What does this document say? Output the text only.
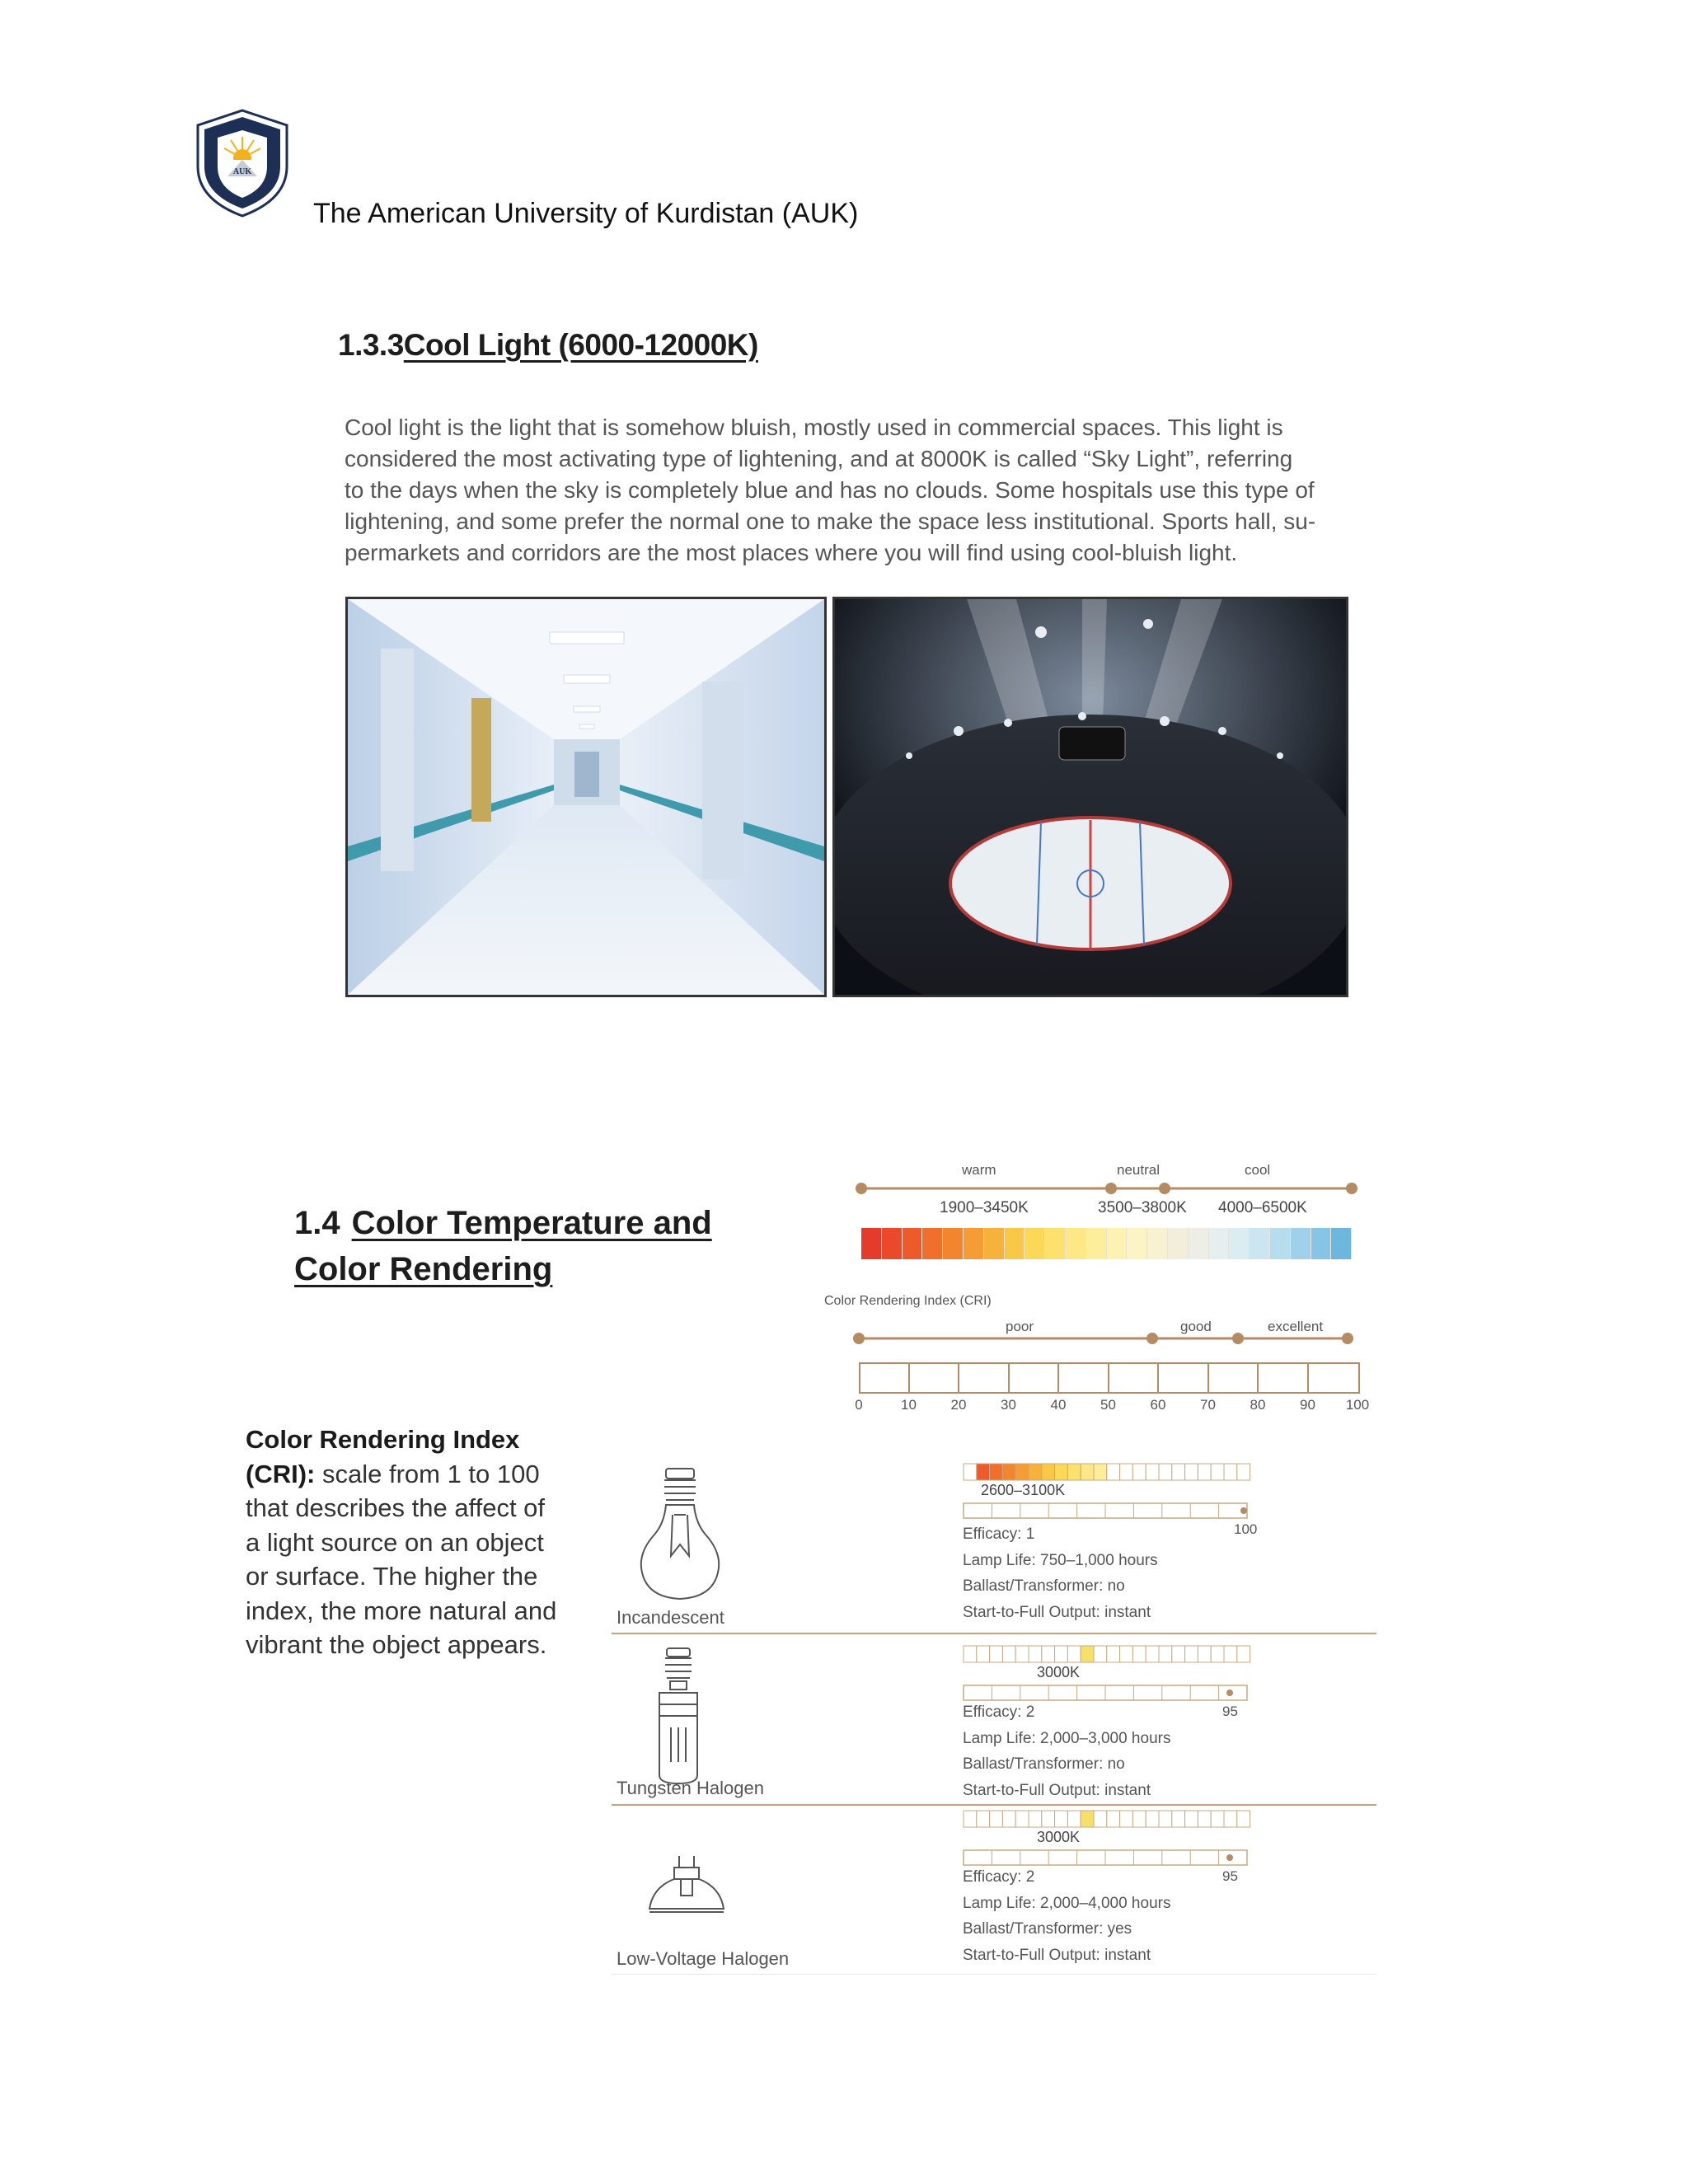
AUK
The American University of Kurdistan (AUK)
1.3.3Cool Light (6000-12000K)

Cool light is the light that is somehow bluish, mostly used in commercial spaces. This light is

considered the most activating type of lightening, and at 8000K is called “Sky Light”, referring

to the days when the sky is completely blue and has no clouds. Some hospitals use this type of

lightening, and some prefer the normal one to make the space less institutional. Sports hall, su-

permarkets and corridors are the most places where you will find using cool-bluish light.

1.4 Color Temperature and
Color Rendering
Color Rendering Index (CRI): scale from 1 to 100 that describes the affect of a light source on an object or surface. The higher the index, the more natural and vibrant the object appears.
warm	neutral	cool
1900–3450K	3500–3800K 4000–6500K
Color Rendering Index (CRI)
poor	good	excellent
0	10 20 30 40 50 60 70 80 90 100
Incandescent
2600–3100K
100
Efficacy: 1
Lamp Life: 750–1,000 hours
Ballast/Transformer: no
Start-to-Full Output: instant
Tungsten Halogen
3000K
95
Efficacy: 2
Lamp Life: 2,000–3,000 hours
Ballast/Transformer: no
Start-to-Full Output: instant
Low-Voltage Halogen
3000K
95
Efficacy: 2
Lamp Life: 2,000–4,000 hours
Ballast/Transformer: yes
Start-to-Full Output: instant
